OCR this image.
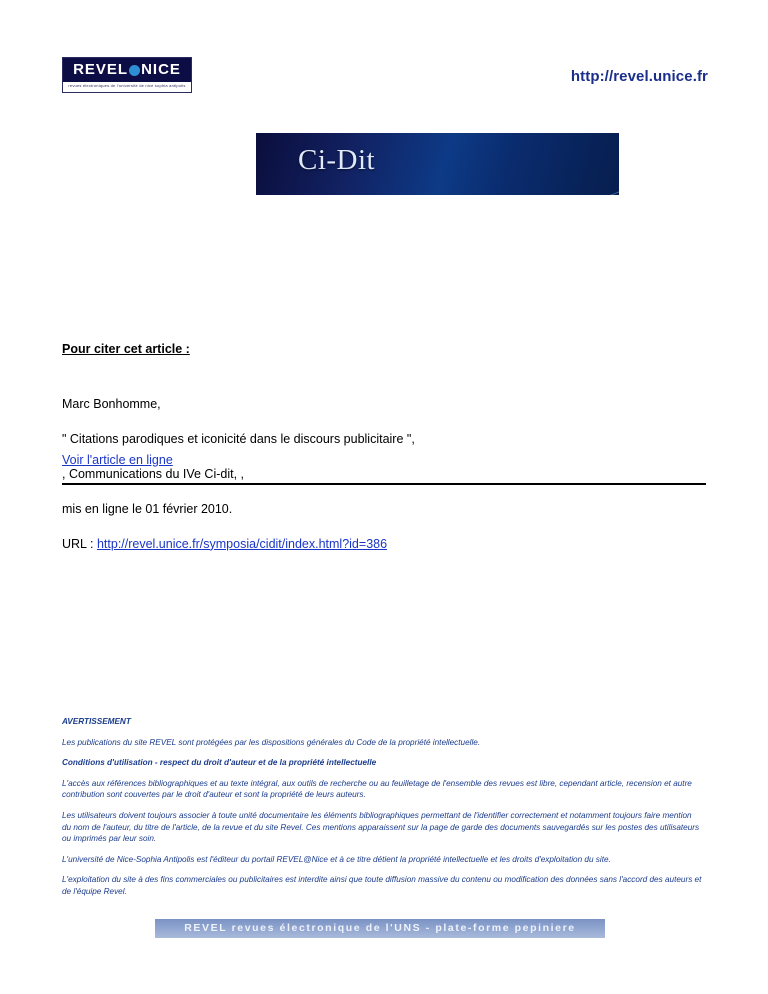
REVEL NICE
revues électroniques de l'université de nice sophia antipolis
http://revel.unice.fr
Ci-Dit
Pour citer cet article :

Marc Bonhomme,

" Citations parodiques et iconicité dans le discours publicitaire ",

, Communications du IVe Ci-dit, ,

mis en ligne le 01 février 2010.

URL : http://revel.unice.fr/symposia/cidit/index.html?id=386

Voir l'article en ligne

AVERTISSEMENT

Les publications du site REVEL sont protégées par les dispositions générales du Code de la propriété intellectuelle.

Conditions d'utilisation - respect du droit d'auteur et de la propriété intellectuelle

L'accès aux références bibliographiques et au texte intégral, aux outils de recherche ou au feuilletage de l'ensemble des revues est libre, cependant article, recension et autre contribution sont couvertes par le droit d'auteur et sont la propriété de leurs auteurs.

Les utilisateurs doivent toujours associer à toute unité documentaire les éléments bibliographiques permettant de l'identifier correctement et notamment toujours faire mention du nom de l'auteur, du titre de l'article, de la revue et du site Revel. Ces mentions apparaissent sur la page de garde des documents sauvegardés sur les postes des utilisateurs ou imprimés par leur soin.

L'université de Nice-Sophia Antipolis est l'éditeur du portail REVEL@Nice et à ce titre détient la propriété intellectuelle et les droits d'exploitation du site.

L'exploitation du site à des fins commerciales ou publicitaires est interdite ainsi que toute diffusion massive du contenu ou modification des données sans l'accord des auteurs et de l'équipe Revel.

REVEL revues électronique de l'UNS - plate-forme pepiniere
